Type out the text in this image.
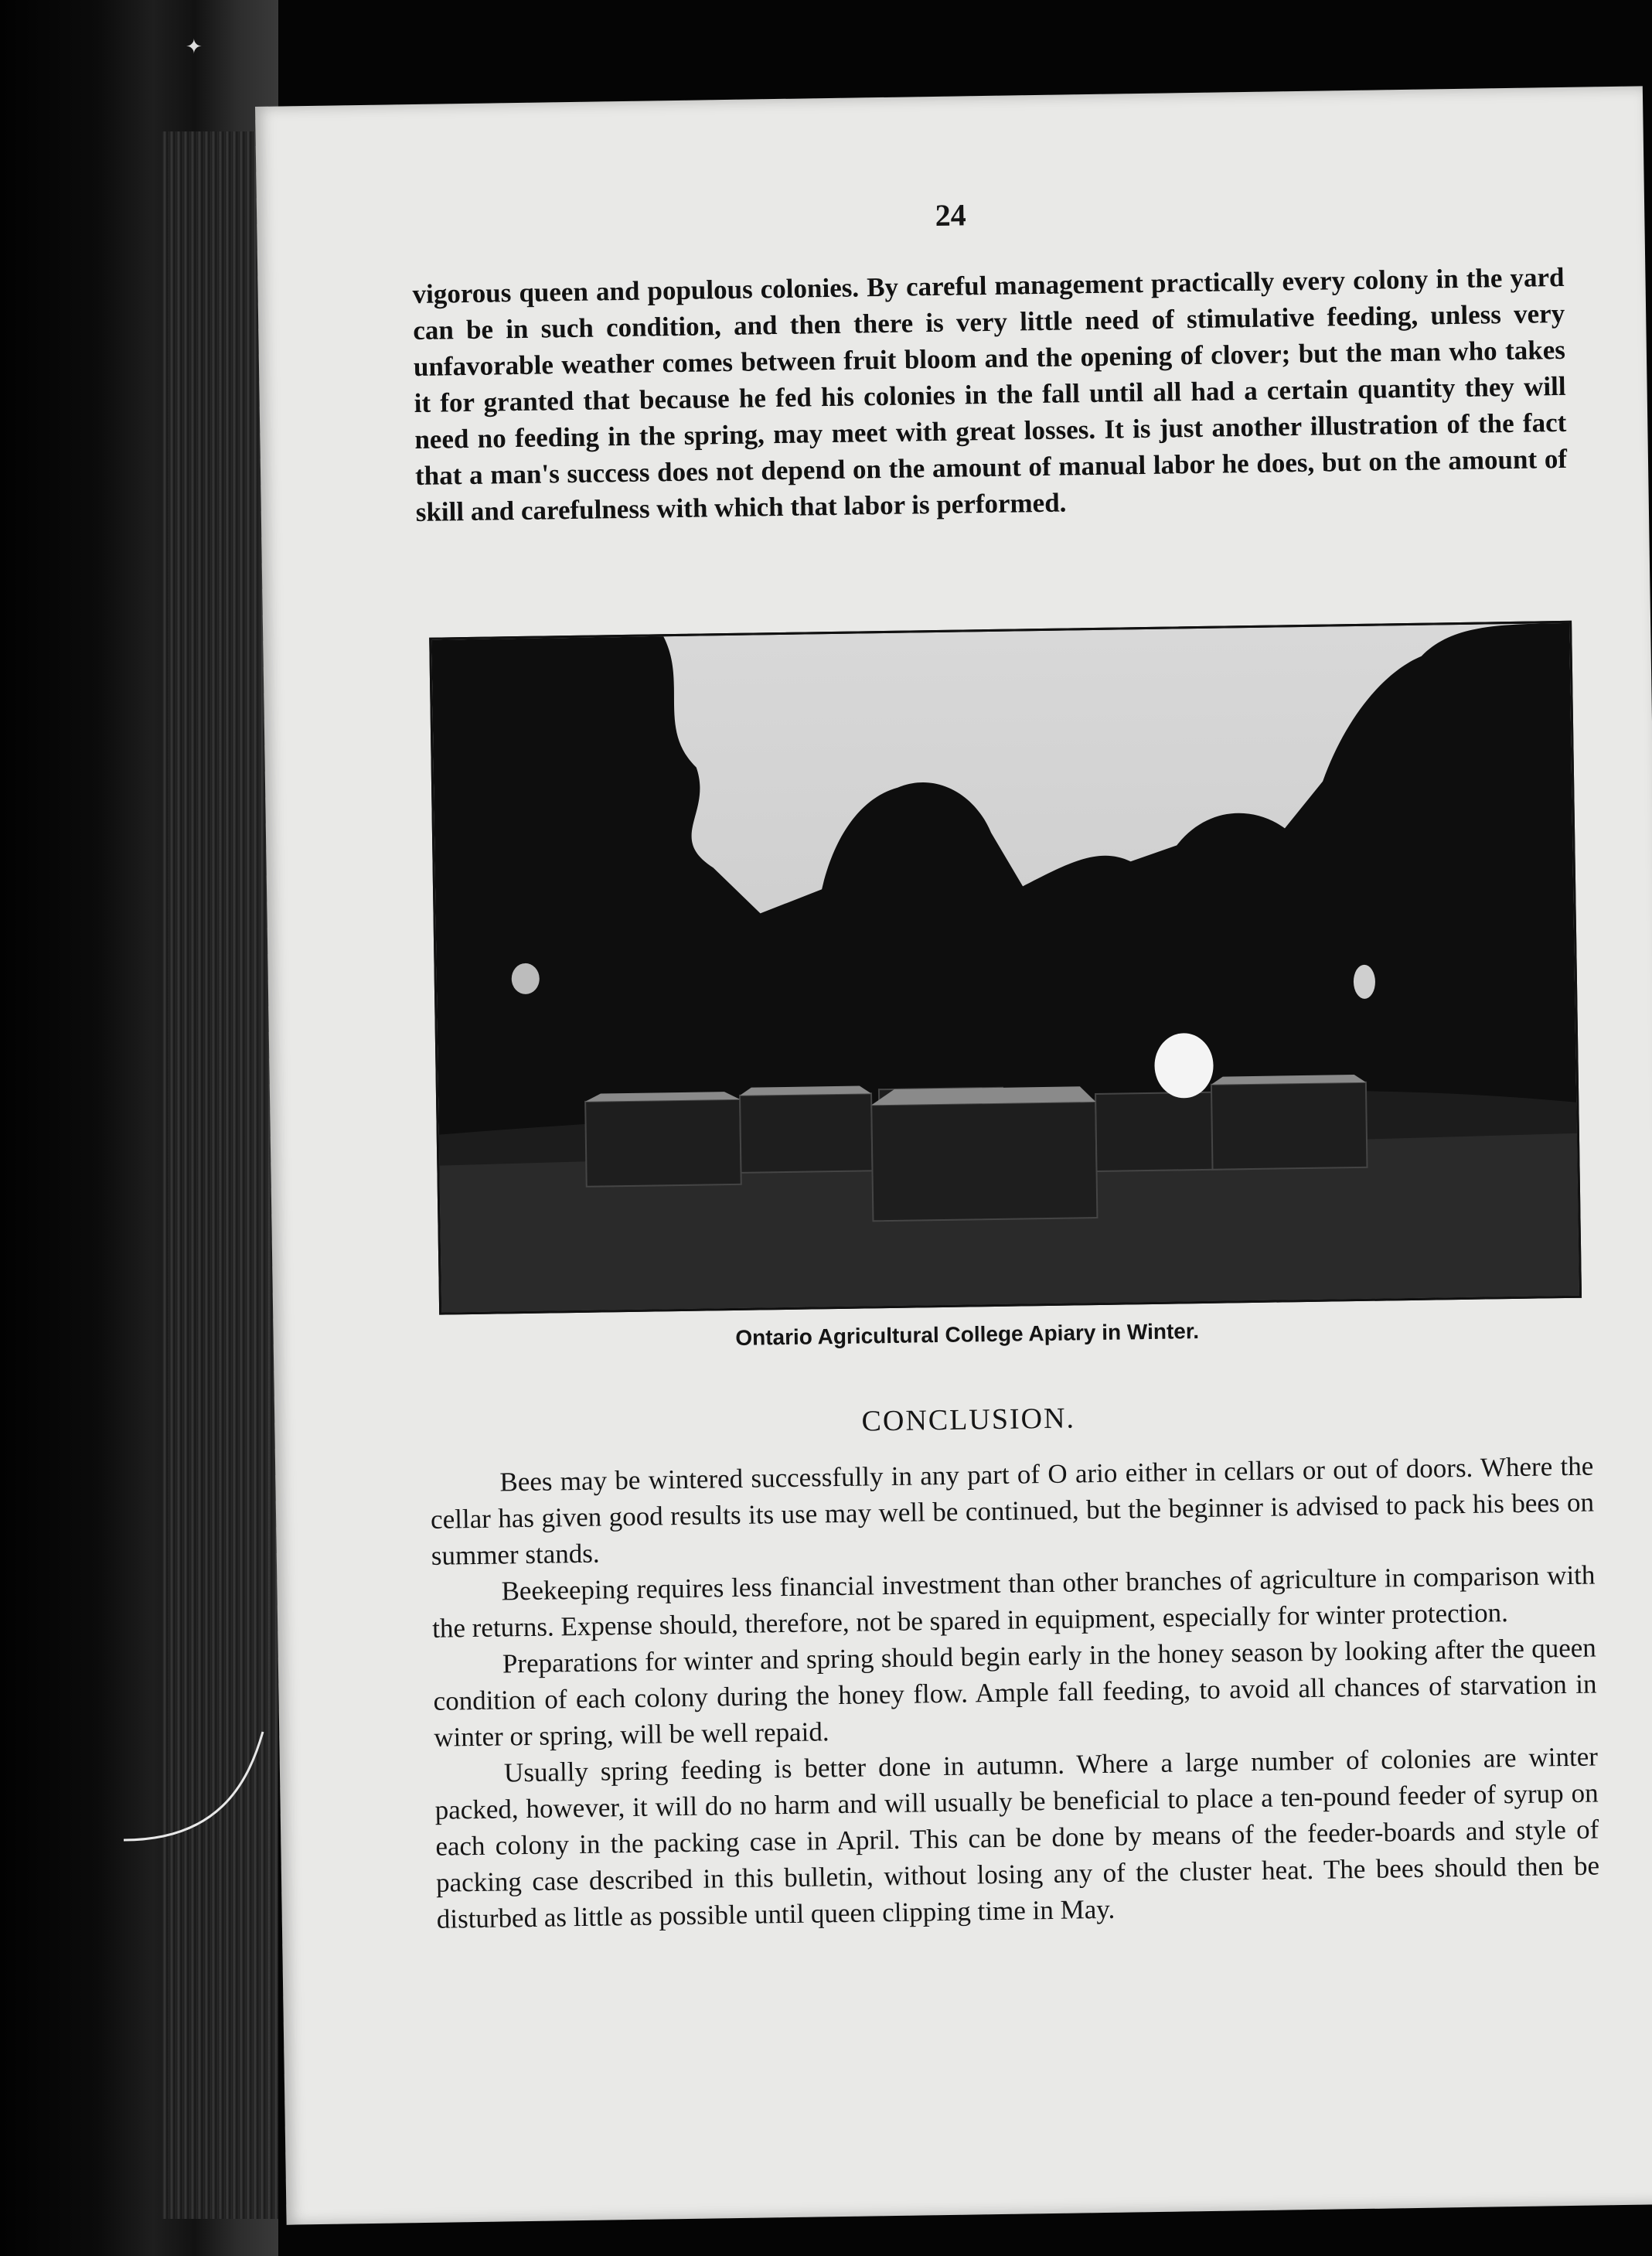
✦
24

vigorous queen and populous colonies. By careful management practically every colony in the yard can be in such condition, and then there is very little need of stimulative feeding, unless very unfavorable weather comes between fruit bloom and the opening of clover; but the man who takes it for granted that because he fed his colonies in the fall until all had a certain quantity they will need no feeding in the spring, may meet with great losses. It is just another illustration of the fact that a man's success does not depend on the amount of manual labor he does, but on the amount of skill and carefulness with which that labor is performed.

Ontario Agricultural College Apiary in Winter.
CONCLUSION.

Bees may be wintered successfully in any part of O ario either in cellars or out of doors. Where the cellar has given good results its use may well be continued, but the beginner is advised to pack his bees on summer stands.

Beekeeping requires less financial investment than other branches of agriculture in comparison with the returns. Expense should, therefore, not be spared in equipment, especially for winter protection.

Preparations for winter and spring should begin early in the honey season by looking after the queen condition of each colony during the honey flow. Ample fall feeding, to avoid all chances of starvation in winter or spring, will be well repaid.

Usually spring feeding is better done in autumn. Where a large number of colonies are winter packed, however, it will do no harm and will usually be beneficial to place a ten-pound feeder of syrup on each colony in the packing case in April. This can be done by means of the feeder-boards and style of packing case described in this bulletin, without losing any of the cluster heat. The bees should then be disturbed as little as possible until queen clipping time in May.
